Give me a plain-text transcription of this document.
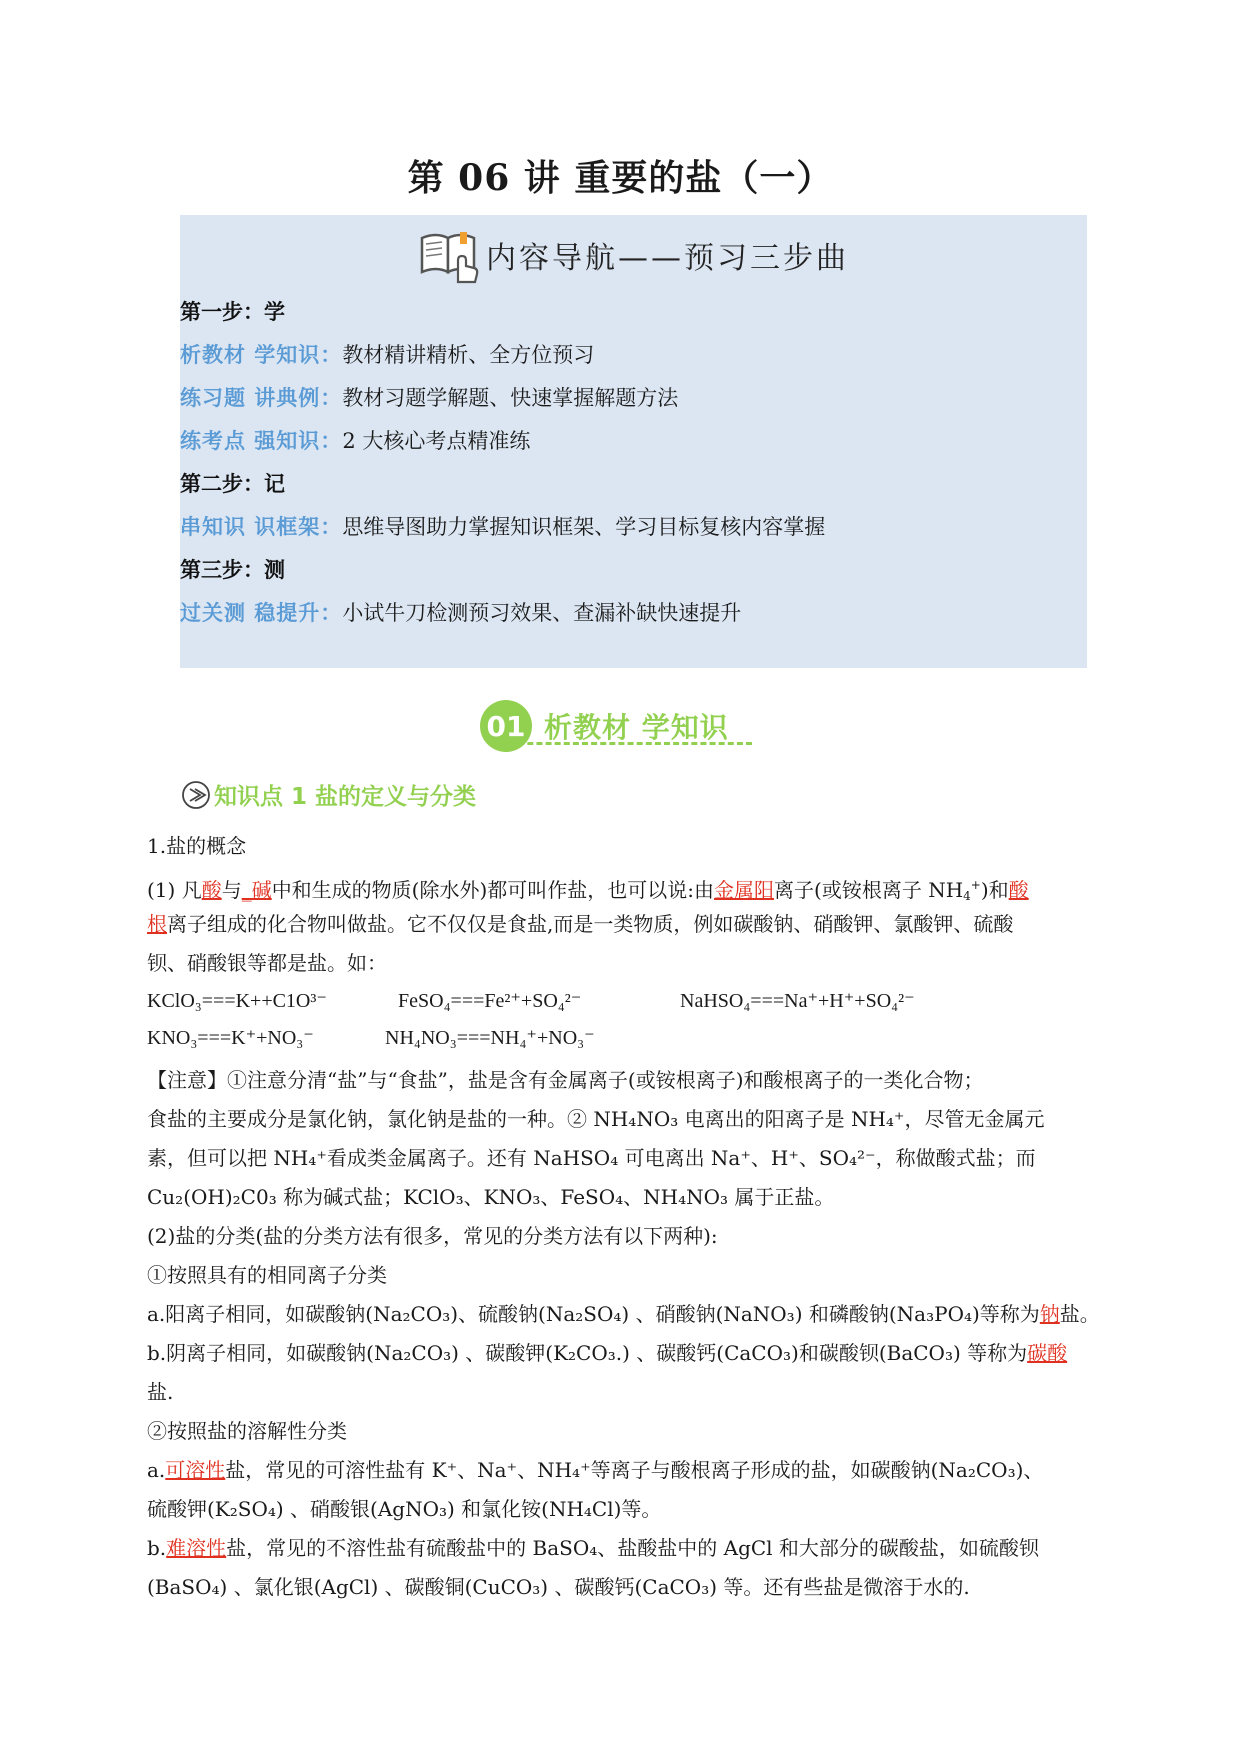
第 06 讲 重要的盐（一）
内容导航——预习三步曲
第一步：学
析教材 学知识：教材精讲精析、全方位预习
练习题 讲典例：教材习题学解题、快速掌握解题方法
练考点 强知识：2 大核心考点精准练
第二步：记
串知识 识框架：思维导图助力掌握知识框架、学习目标复核内容掌握
第三步：测
过关测 稳提升：小试牛刀检测预习效果、查漏补缺快速提升
01 析教材 学知识
知识点 1 盐的定义与分类
1.盐的概念
(1) 凡酸与_碱中和生成的物质(除水外)都可叫作盐，也可以说:由金属阳离子(或铵根离子 $NH_4^+$)和酸
根离子组成的化合物叫做盐。它不仅仅是食盐,而是一类物质，例如碳酸钠、硝酸钾、氯酸钾、硫酸
钡、硝酸银等都是盐。如：
KClO₃===K++C1O³⁻	FeSO₄===Fe²⁺+SO₄²⁻	NaHSO₄===Na⁺+H⁺+SO₄²⁻
KNO₃===K⁺+NO₃⁻	NH₄NO₃===NH₄⁺+NO₃⁻
【注意】①注意分清“盐”与“食盐”，盐是含有金属离子(或铵根离子)和酸根离子的一类化合物；
食盐的主要成分是氯化钠，氯化钠是盐的一种。② NH₄NO₃ 电离出的阳离子是 NH₄⁺，尽管无金属元
素，但可以把 NH₄⁺看成类金属离子。还有 NaHSO₄ 可电离出 Na⁺、H⁺、SO₄²⁻，称做酸式盐；而
Cu₂(OH)₂C0₃ 称为碱式盐；KClO₃、KNO₃、FeSO₄、NH₄NO₃ 属于正盐。
(2)盐的分类(盐的分类方法有很多，常见的分类方法有以下两种):
①按照具有的相同离子分类
a.阳离子相同，如碳酸钠(Na₂CO₃)、硫酸钠(Na₂SO₄) 、硝酸钠(NaNO₃) 和磷酸钠(Na₃PO₄)等称为钠盐。
b.阴离子相同，如碳酸钠(Na₂CO₃) 、碳酸钾(K₂CO₃.) 、碳酸钙(CaCO₃)和碳酸钡(BaCO₃) 等称为碳酸
盐.
②按照盐的溶解性分类
a.可溶性盐，常见的可溶性盐有 K⁺、Na⁺、NH₄⁺等离子与酸根离子形成的盐，如碳酸钠(Na₂CO₃)、
硫酸钾(K₂SO₄) 、硝酸银(AgNO₃) 和氯化铵(NH₄Cl)等。
b.难溶性盐，常见的不溶性盐有硫酸盐中的 BaSO₄、盐酸盐中的 AgCl 和大部分的碳酸盐，如硫酸钡
(BaSO₄) 、氯化银(AgCl) 、碳酸铜(CuCO₃) 、碳酸钙(CaCO₃) 等。还有些盐是微溶于水的.
